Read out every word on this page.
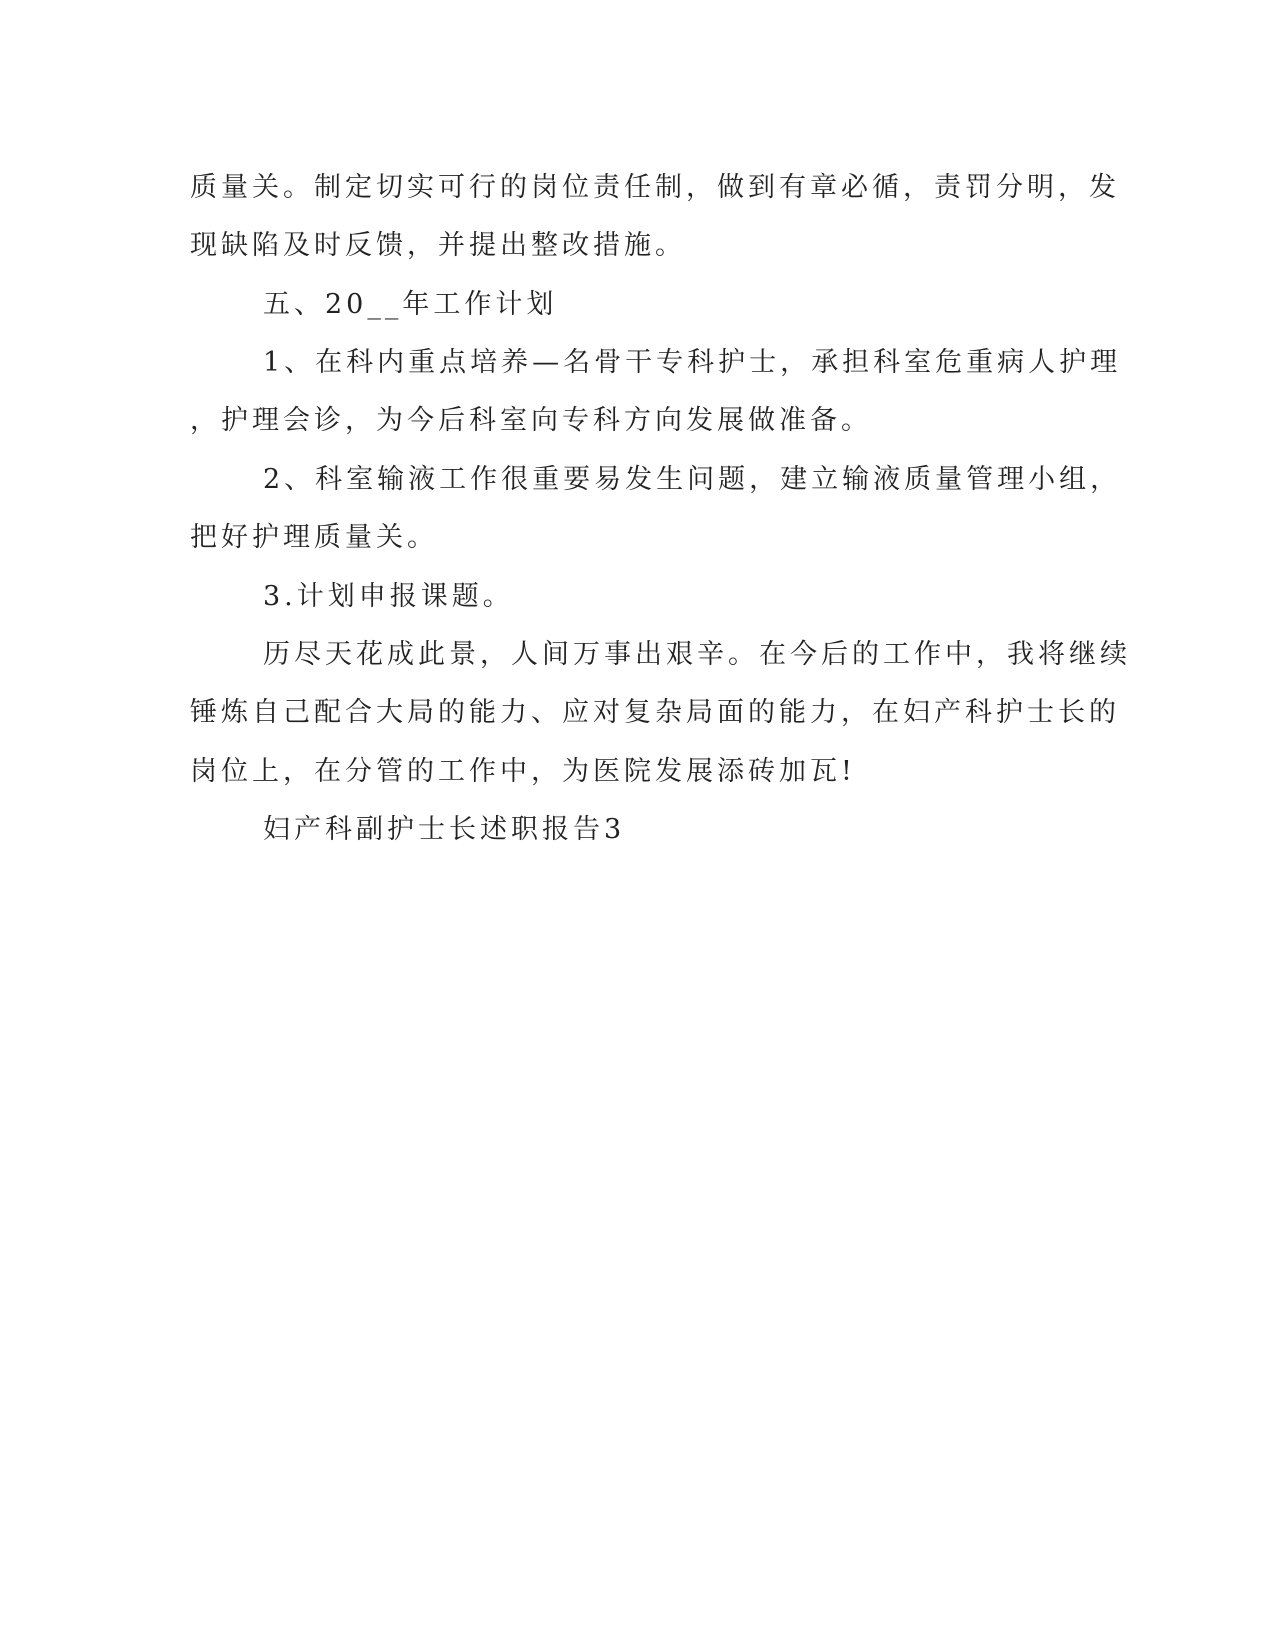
质量关。制定切实可行的岗位责任制，做到有章必循，责罚分明，发
现缺陷及时反馈，并提出整改措施。
五、20__年工作计划
1、在科内重点培养—名骨干专科护士，承担科室危重病人护理
，护理会诊，为今后科室向专科方向发展做准备。
2、科室输液工作很重要易发生问题，建立输液质量管理小组，
把好护理质量关。
3.计划申报课题。
历尽天花成此景，人间万事出艰辛。在今后的工作中，我将继续
锤炼自己配合大局的能力、应对复杂局面的能力，在妇产科护士长的
岗位上，在分管的工作中，为医院发展添砖加瓦!
妇产科副护士长述职报告3
